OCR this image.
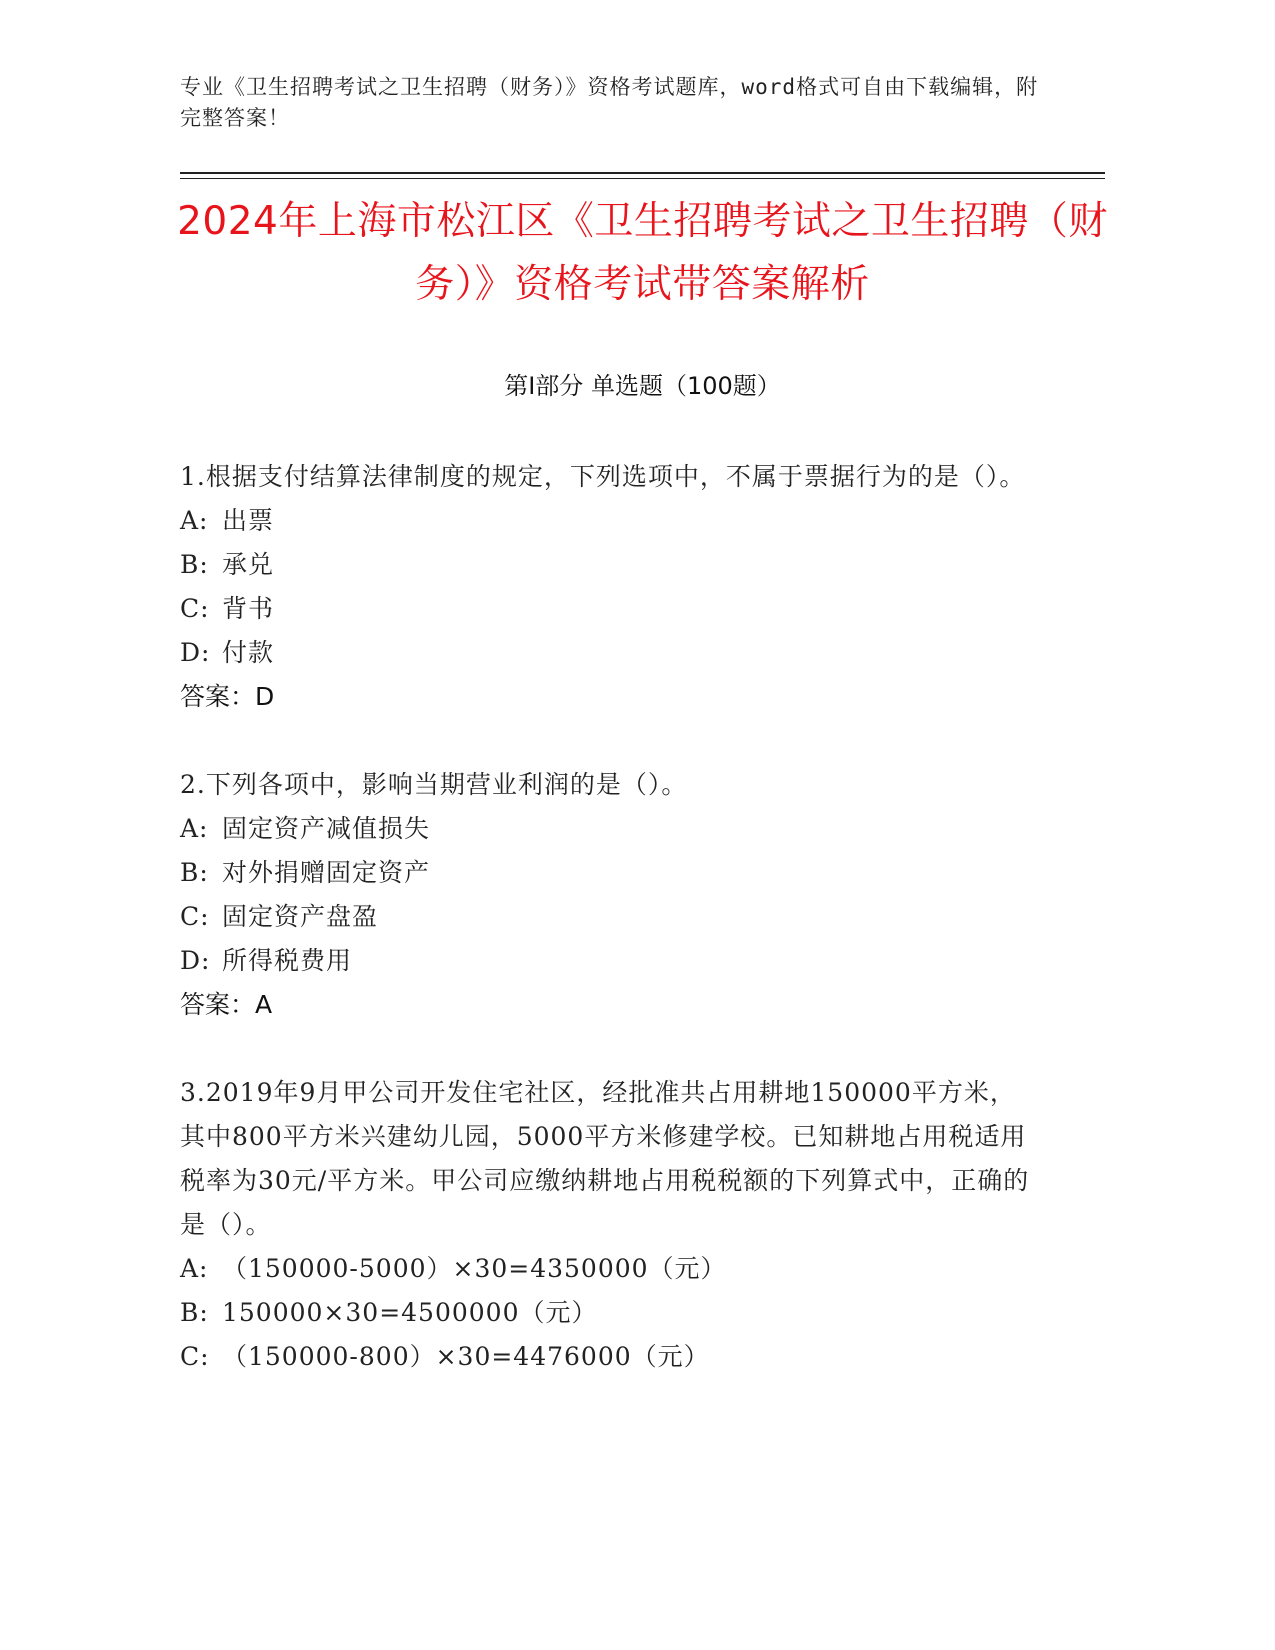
专业《卫生招聘考试之卫生招聘（财务）》资格考试题库，word格式可自由下载编辑，附完整答案！
2024年上海市松江区《卫生招聘考试之卫生招聘（财务）》资格考试带答案解析
第I部分 单选题（100题）

1.根据支付结算法律制度的规定，下列选项中，不属于票据行为的是（）。

A: 出票

B: 承兑

C: 背书

D: 付款

答案：D

2.下列各项中，影响当期营业利润的是（）。

A: 固定资产减值损失

B: 对外捐赠固定资产

C: 固定资产盘盈

D: 所得税费用

答案：A

3.2019年9月甲公司开发住宅社区，经批准共占用耕地150000平方米，其中800平方米兴建幼儿园，5000平方米修建学校。已知耕地占用税适用税率为30元/平方米。甲公司应缴纳耕地占用税税额的下列算式中，正确的是（）。

A: （150000-5000）×30=4350000（元）

B: 150000×30=4500000（元）

C: （150000-800）×30=4476000（元）
